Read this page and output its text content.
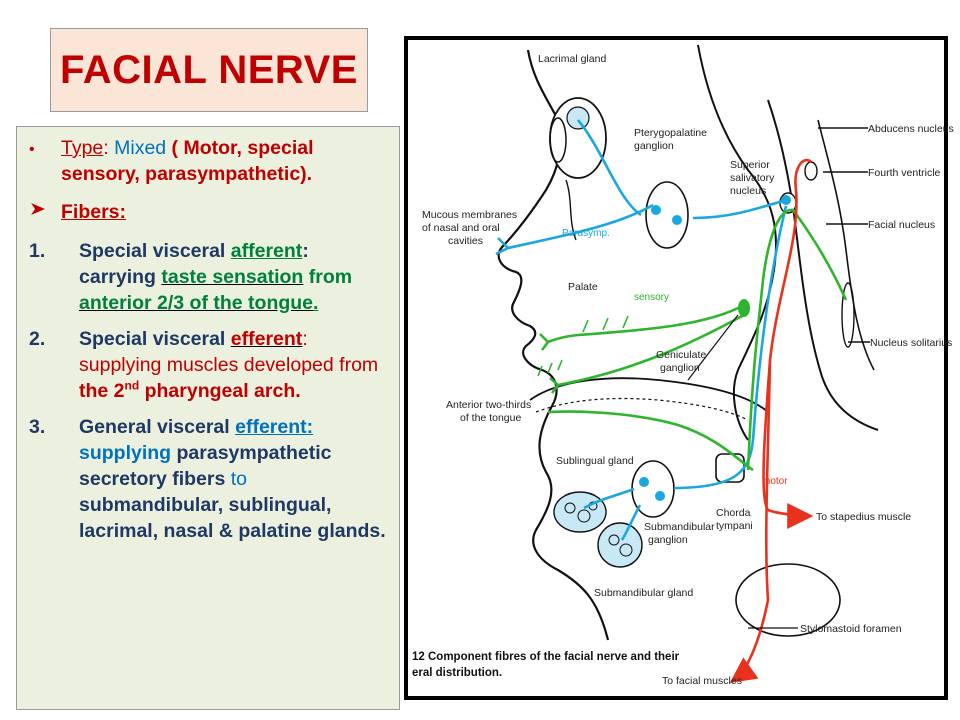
FACIAL NERVE
•	Type: Mixed ( Motor, special sensory, parasympathetic).
Fibers:
1.	Special visceral afferent: carrying taste sensation from anterior 2/3 of the tongue.
2.	Special visceral efferent: supplying muscles developed from the 2nd pharyngeal arch.
3.	General visceral efferent: supplying parasympathetic secretory fibers to submandibular, sublingual, lacrimal, nasal & palatine glands.
Lacrimal gland
Pterygopalatine
ganglion
Abducens nucleus
Fourth ventricle
Superior
salivatory
nucleus
Facial nucleus
Mucous membranes
of nasal and oral
cavities
Palate
Geniculate
ganglion
Nucleus solitarius
Anterior two-thirds
of the tongue
Sublingual gland
Chorda
tympani
To stapedius muscle
Submandibular
ganglion
Submandibular gland
Stylomastoid foramen
To facial muscles
Parasymp.
sensory
motor
12 Component fibres of the facial nerve and their
eral distribution.
